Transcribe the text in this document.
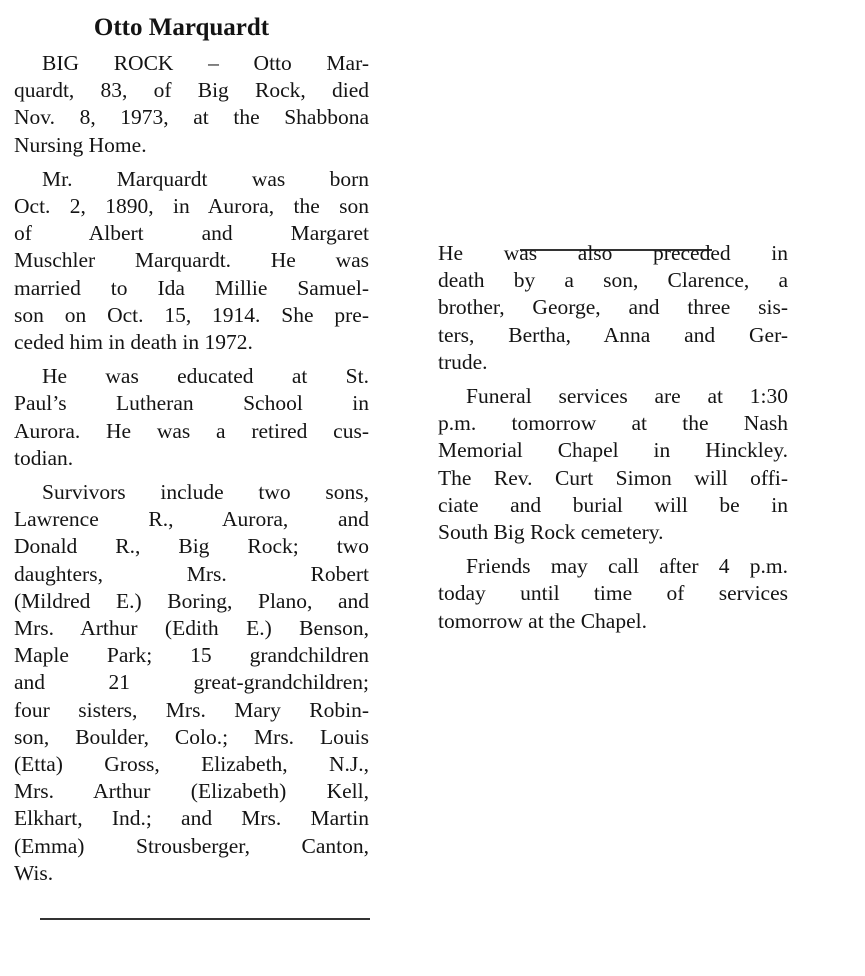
Otto Marquardt

BIG ROCK – Otto Mar-

quardt, 83, of Big Rock, died

Nov. 8, 1973, at the Shabbona

Nursing Home.

Mr. Marquardt was born

Oct. 2, 1890, in Aurora, the son

of Albert and Margaret

Muschler Marquardt. He was

married to Ida Millie Samuel-

son on Oct. 15, 1914. She pre-

ceded him in death in 1972.

He was educated at St.

Paul’s Lutheran School in

Aurora. He was a retired cus-

todian.

Survivors include two sons,

Lawrence R., Aurora, and

Donald R., Big Rock; two

daughters, Mrs. Robert

(Mildred E.) Boring, Plano, and

Mrs. Arthur (Edith E.) Benson,

Maple Park; 15 grandchildren

and 21 great-grandchildren;

four sisters, Mrs. Mary Robin-

son, Boulder, Colo.; Mrs. Louis

(Etta) Gross, Elizabeth, N.J.,

Mrs. Arthur (Elizabeth) Kell,

Elkhart, Ind.; and Mrs. Martin

(Emma) Strousberger, Canton,

Wis.

He was also preceded in

death by a son, Clarence, a

brother, George, and three sis-

ters, Bertha, Anna and Ger-

trude.

Funeral services are at 1:30

p.m. tomorrow at the Nash

Memorial Chapel in Hinckley.

The Rev. Curt Simon will offi-

ciate and burial will be in

South Big Rock cemetery.

Friends may call after 4 p.m.

today until time of services

tomorrow at the Chapel.
